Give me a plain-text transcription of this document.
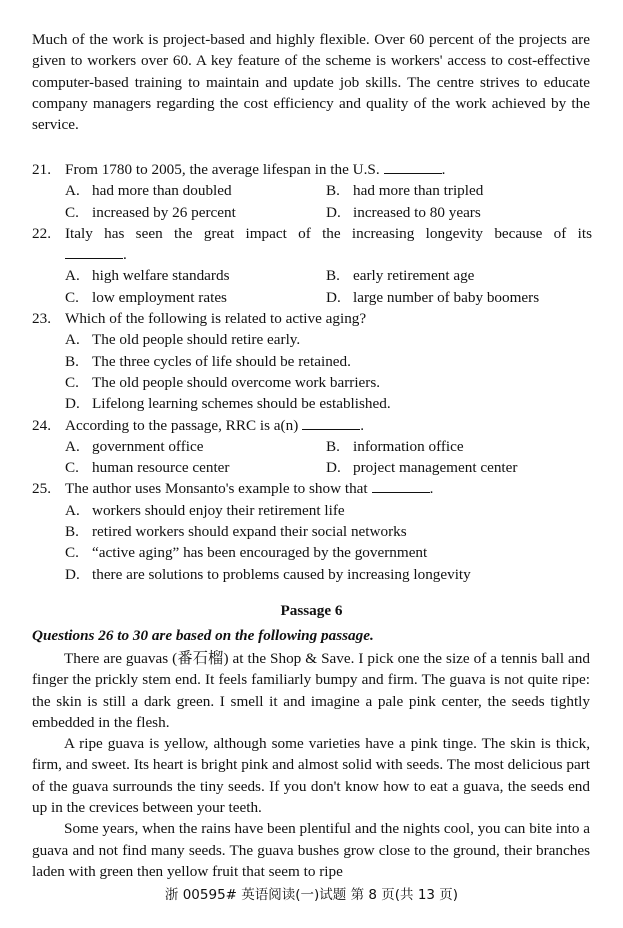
Much of the work is project-based and highly flexible. Over 60 percent of the projects are given to workers over 60. A key feature of the scheme is workers' access to cost-effective computer-based training to maintain and update job skills. The centre strives to educate company managers regarding the cost efficiency and quality of the work achieved by the service.

21. From 1780 to 2005, the average lifespan in the U.S.	.
A. had more than doubled	B. had more than tripled
C. increased by 26 percent	D. increased to 80 years
22. Italy has seen the great impact of the increasing longevity because of its
.
A. high welfare standards	B. early retirement age
C. low employment rates	D. large number of baby boomers
23. Which of the following is related to active aging?
A. The old people should retire early.
B. The three cycles of life should be retained.
C. The old people should overcome work barriers.
D. Lifelong learning schemes should be established.
24. According to the passage, RRC is a(n)	.
A. government office	B. information office
C. human resource center	D. project management center
25. The author uses Monsanto's example to show that	.
A. workers should enjoy their retirement life
B. retired workers should expand their social networks
C. “active aging” has been encouraged by the government
D. there are solutions to problems caused by increasing longevity
Passage 6
Questions 26 to 30 are based on the following passage.

There are guavas (番石榴) at the Shop & Save. I pick one the size of a tennis ball and finger the prickly stem end. It feels familiarly bumpy and firm. The guava is not quite ripe: the skin is still a dark green. I smell it and imagine a pale pink center, the seeds tightly embedded in the flesh.

A ripe guava is yellow, although some varieties have a pink tinge. The skin is thick, firm, and sweet. Its heart is bright pink and almost solid with seeds. The most delicious part of the guava surrounds the tiny seeds. If you don't know how to eat a guava, the seeds end up in the crevices between your teeth.

Some years, when the rains have been plentiful and the nights cool, you can bite into a guava and not find many seeds. The guava bushes grow close to the ground, their branches laden with green then yellow fruit that seem to ripe

浙 00595# 英语阅读(一)试题 第 8 页(共 13 页)
